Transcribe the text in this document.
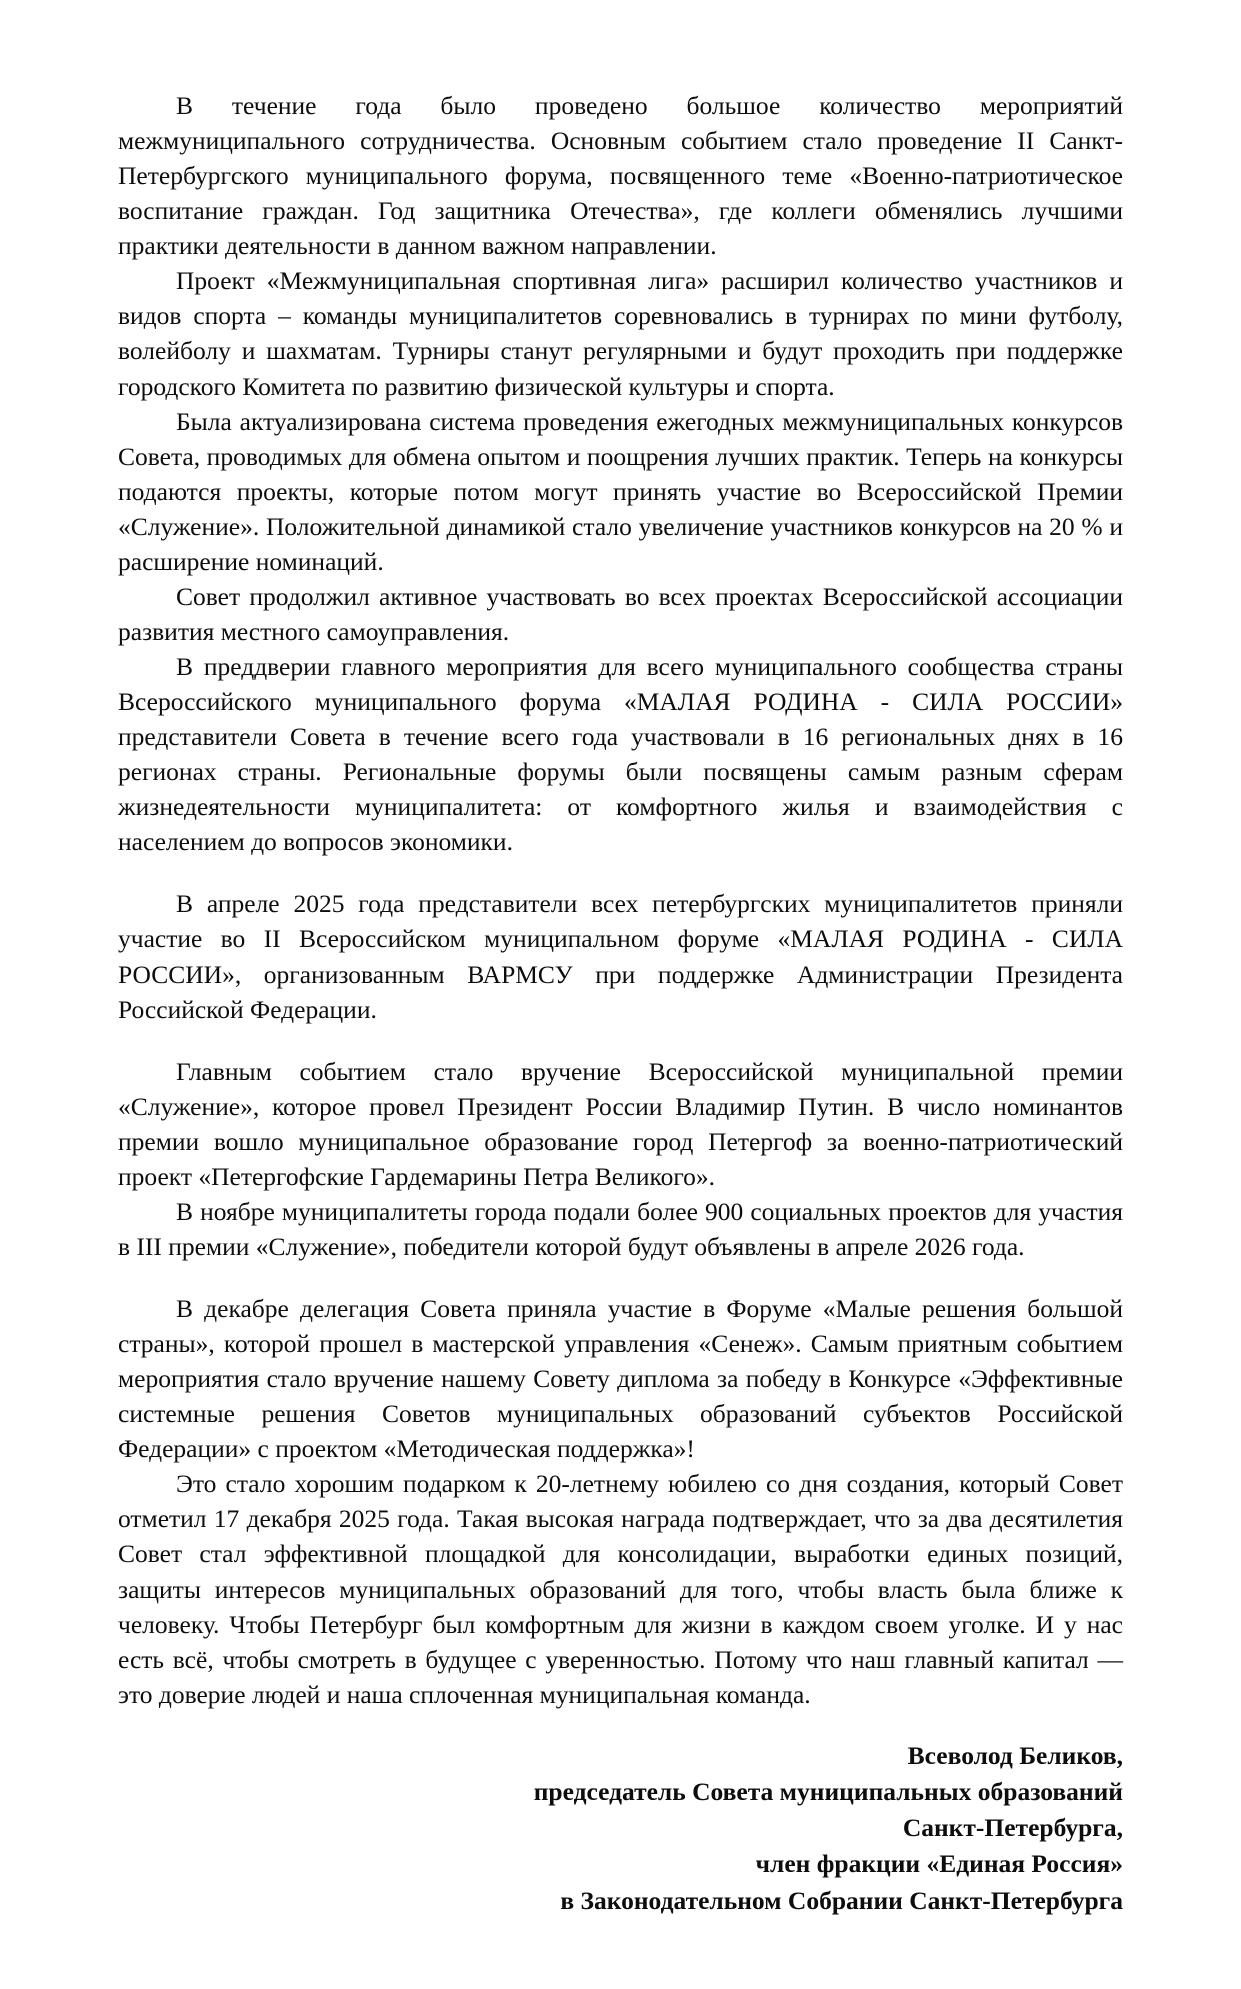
В течение года было проведено большое количество мероприятий межмуниципального сотрудничества. Основным событием стало проведение II Санкт-Петербургского муниципального форума, посвященного теме «Военно-патриотическое воспитание граждан. Год защитника Отечества», где коллеги обменялись лучшими практики деятельности в данном важном направлении.

Проект «Межмуниципальная спортивная лига» расширил количество участников и видов спорта – команды муниципалитетов соревновались в турнирах по мини футболу, волейболу и шахматам. Турниры станут регулярными и будут проходить при поддержке городского Комитета по развитию физической культуры и спорта.

Была актуализирована система проведения ежегодных межмуниципальных конкурсов Совета, проводимых для обмена опытом и поощрения лучших практик. Теперь на конкурсы подаются проекты, которые потом могут принять участие во Всероссийской Премии «Служение». Положительной динамикой стало увеличение участников конкурсов на 20 % и расширение номинаций.

Совет продолжил активное участвовать во всех проектах Всероссийской ассоциации развития местного самоуправления.

В преддверии главного мероприятия для всего муниципального сообщества страны Всероссийского муниципального форума «МАЛАЯ РОДИНА - СИЛА РОССИИ» представители Совета в течение всего года участвовали в 16 региональных днях в 16 регионах страны. Региональные форумы были посвящены самым разным сферам жизнедеятельности муниципалитета: от комфортного жилья и взаимодействия с населением до вопросов экономики.

В апреле 2025 года представители всех петербургских муниципалитетов приняли участие во II Всероссийском муниципальном форуме «МАЛАЯ РОДИНА - СИЛА РОССИИ», организованным ВАРМСУ при поддержке Администрации Президента Российской Федерации.

Главным событием стало вручение Всероссийской муниципальной премии «Служение», которое провел Президент России Владимир Путин. В число номинантов премии вошло муниципальное образование город Петергоф за военно-патриотический проект «Петергофские Гардемарины Петра Великого».

В ноябре муниципалитеты города подали более 900 социальных проектов для участия в III премии «Служение», победители которой будут объявлены в апреле 2026 года.

В декабре делегация Совета приняла участие в Форуме «Малые решения большой страны», которой прошел в мастерской управления «Сенеж». Самым приятным событием мероприятия стало вручение нашему Совету диплома за победу в Конкурсе «Эффективные системные решения Советов муниципальных образований субъектов Российской Федерации» с проектом «Методическая поддержка»!

Это стало хорошим подарком к 20-летнему юбилею со дня создания, который Совет отметил 17 декабря 2025 года. Такая высокая награда подтверждает, что за два десятилетия Совет стал эффективной площадкой для консолидации, выработки единых позиций, защиты интересов муниципальных образований для того, чтобы власть была ближе к человеку. Чтобы Петербург был комфортным для жизни в каждом своем уголке. И у нас есть всё, чтобы смотреть в будущее с уверенностью. Потому что наш главный капитал — это доверие людей и наша сплоченная муниципальная команда.

Всеволод Беликов,
председатель Совета муниципальных образований
Санкт-Петербурга,
член фракции «Единая Россия»
в Законодательном Собрании Санкт-Петербурга
